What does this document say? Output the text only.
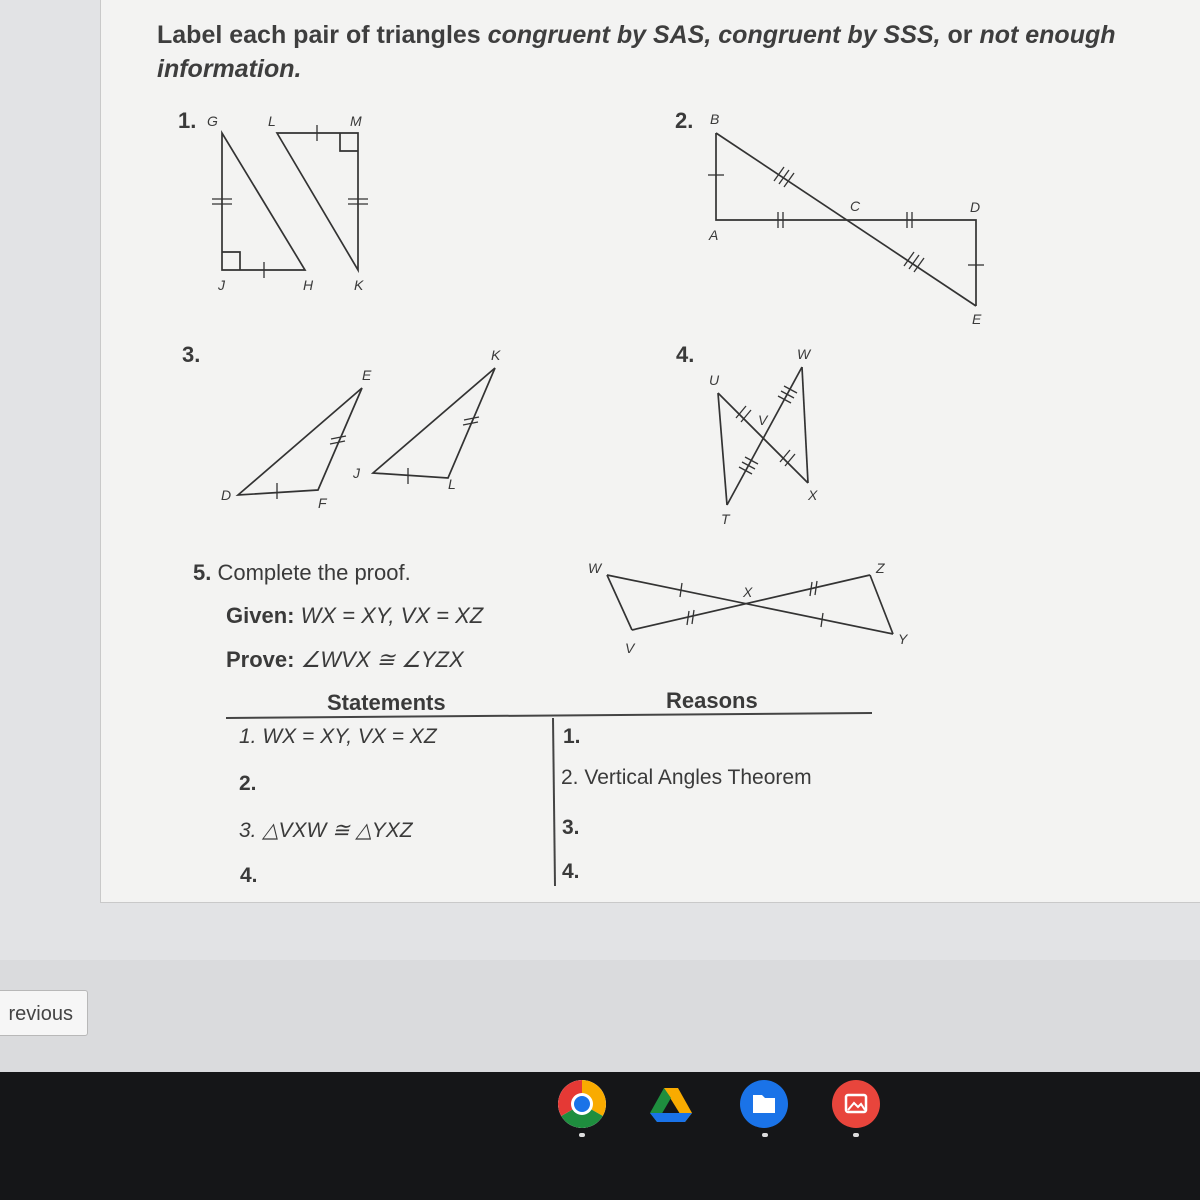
Label each pair of triangles congruent by SAS, congruent by SSS, or not enough information.
1.	2.
3.	4.
G	L	M
J	H	K
B
C	D
A
E
K
E
J
L
D	F
W
U
V
T
X
W	Z
X
V
Y
5. Complete the proof.
Given: WX = XY, VX = XZ
Prove: ∠WVX ≅ ∠YZX
Statements	Reasons
1. WX = XY, VX = XZ	1.
2.	2. Vertical Angles Theorem
3. △VXW ≅ △YXZ	3.
4.	4.
revious
